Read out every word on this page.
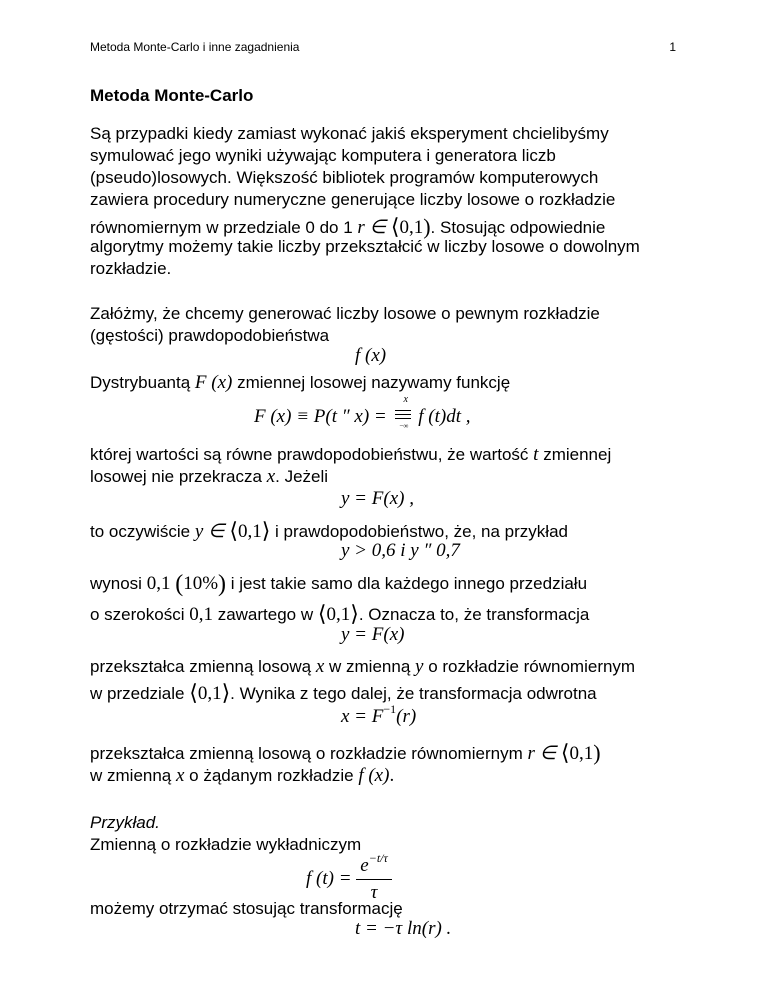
Metoda Monte-Carlo i inne zagadnienia	1
Metoda Monte-Carlo
Są przypadki kiedy zamiast wykonać jakiś eksperyment chcielibyśmy
symulować jego wyniki używając komputera i generatora liczb
(pseudo)losowych. Większość bibliotek programów komputerowych
zawiera procedury numeryczne generujące liczby losowe o rozkładzie
równomiernym w przedziale 0 do 1 r ∈ ⟨0,1). Stosując odpowiednie
algorytmy możemy takie liczby przekształcić w liczby losowe o dowolnym
rozkładzie.
Załóżmy, że chcemy generować liczby losowe o pewnym rozkładzie
(gęstości) prawdopodobieństwa
f (x)
Dystrybuantą F (x) zmiennej losowej nazywamy funkcję
F (x) ≡ P(t ″ x) =
x
−∞ f (t)dt ,
której wartości są równe prawdopodobieństwu, że wartość t zmiennej
losowej nie przekracza x. Jeżeli
y = F(x) ,
to oczywiście y ∈ ⟨0,1⟩ i prawdopodobieństwo, że, na przykład
y > 0,6 i y ″ 0,7
wynosi 0,1 (10%) i jest takie samo dla każdego innego przedziału
o szerokości 0,1 zawartego w ⟨0,1⟩. Oznacza to, że transformacja
y = F(x)
przekształca zmienną losową x w zmienną y o rozkładzie równomiernym
w przedziale ⟨0,1⟩. Wynika z tego dalej, że transformacja odwrotna
$x = F^{-1}(r)$
przekształca zmienną losową o rozkładzie równomiernym r ∈ ⟨0,1)
w zmienną x o żądanym rozkładzie f (x).
Przykład.
Zmienną o rozkładzie wykładniczym
f $(t) = \frac{e^{-t/\tau}}{\tau}$
możemy otrzymać stosując transformację
t = −τ ln(r) .
